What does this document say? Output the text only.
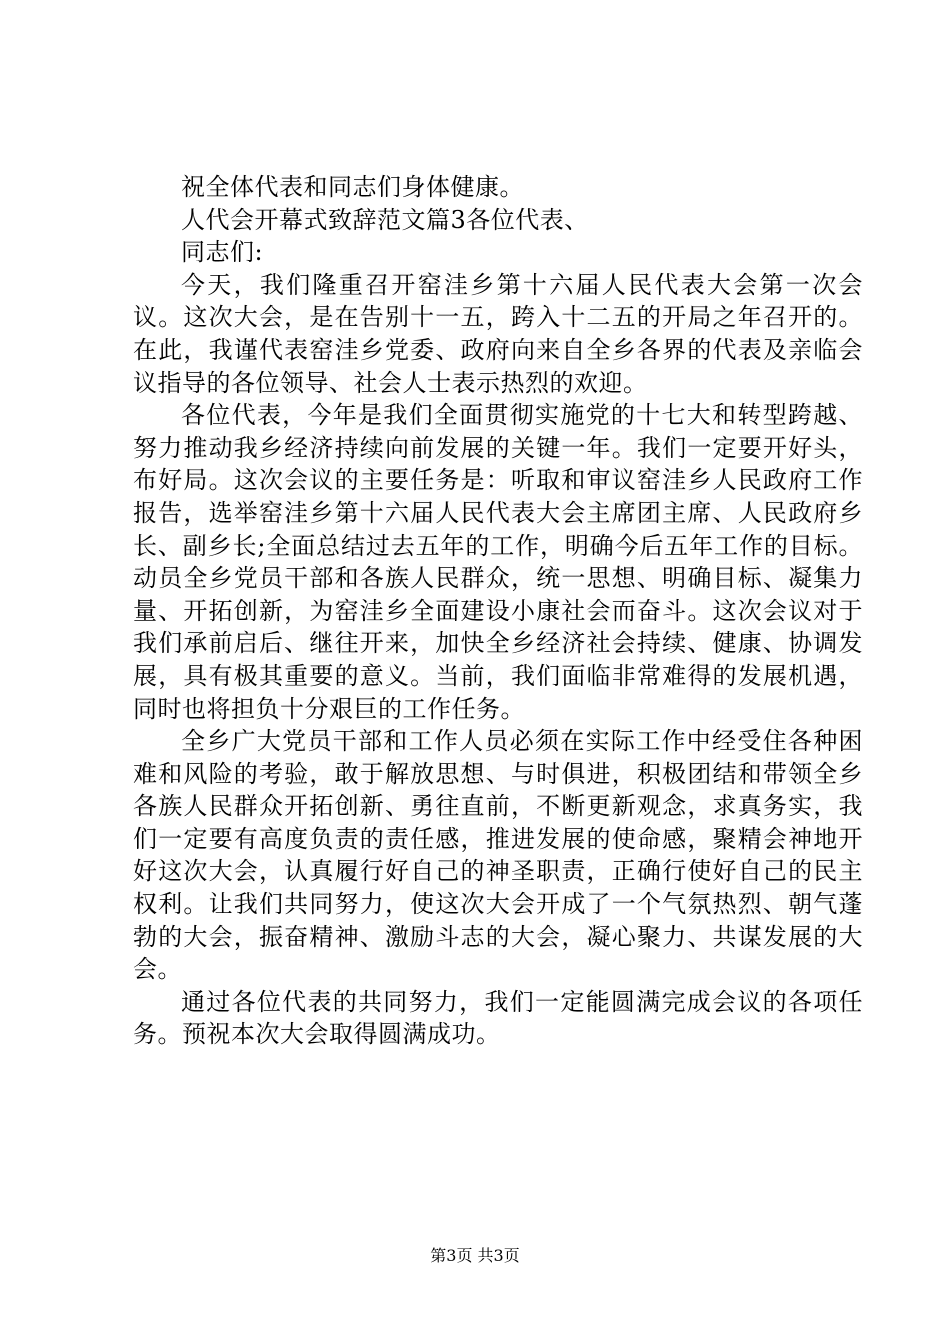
祝全体代表和同志们身体健康。

人代会开幕式致辞范文篇3各位代表、

同志们:

今天，我们隆重召开窑洼乡第十六届人民代表大会第一次会议。这次大会，是在告别十一五，跨入十二五的开局之年召开的。在此，我谨代表窑洼乡党委、政府向来自全乡各界的代表及亲临会议指导的各位领导、社会人士表示热烈的欢迎。

各位代表，今年是我们全面贯彻实施党的十七大和转型跨越、努力推动我乡经济持续向前发展的关键一年。我们一定要开好头，布好局。这次会议的主要任务是：听取和审议窑洼乡人民政府工作报告，选举窑洼乡第十六届人民代表大会主席团主席、人民政府乡长、副乡长;全面总结过去五年的工作，明确今后五年工作的目标。动员全乡党员干部和各族人民群众，统一思想、明确目标、凝集力量、开拓创新，为窑洼乡全面建设小康社会而奋斗。这次会议对于我们承前启后、继往开来，加快全乡经济社会持续、健康、协调发展，具有极其重要的意义。当前，我们面临非常难得的发展机遇，同时也将担负十分艰巨的工作任务。

全乡广大党员干部和工作人员必须在实际工作中经受住各种困难和风险的考验，敢于解放思想、与时俱进，积极团结和带领全乡各族人民群众开拓创新、勇往直前，不断更新观念，求真务实，我们一定要有高度负责的责任感，推进发展的使命感，聚精会神地开好这次大会，认真履行好自己的神圣职责，正确行使好自己的民主权利。让我们共同努力，使这次大会开成了一个气氛热烈、朝气蓬勃的大会，振奋精神、激励斗志的大会，凝心聚力、共谋发展的大会。

通过各位代表的共同努力，我们一定能圆满完成会议的各项任务。预祝本次大会取得圆满成功。

第3页 共3页
